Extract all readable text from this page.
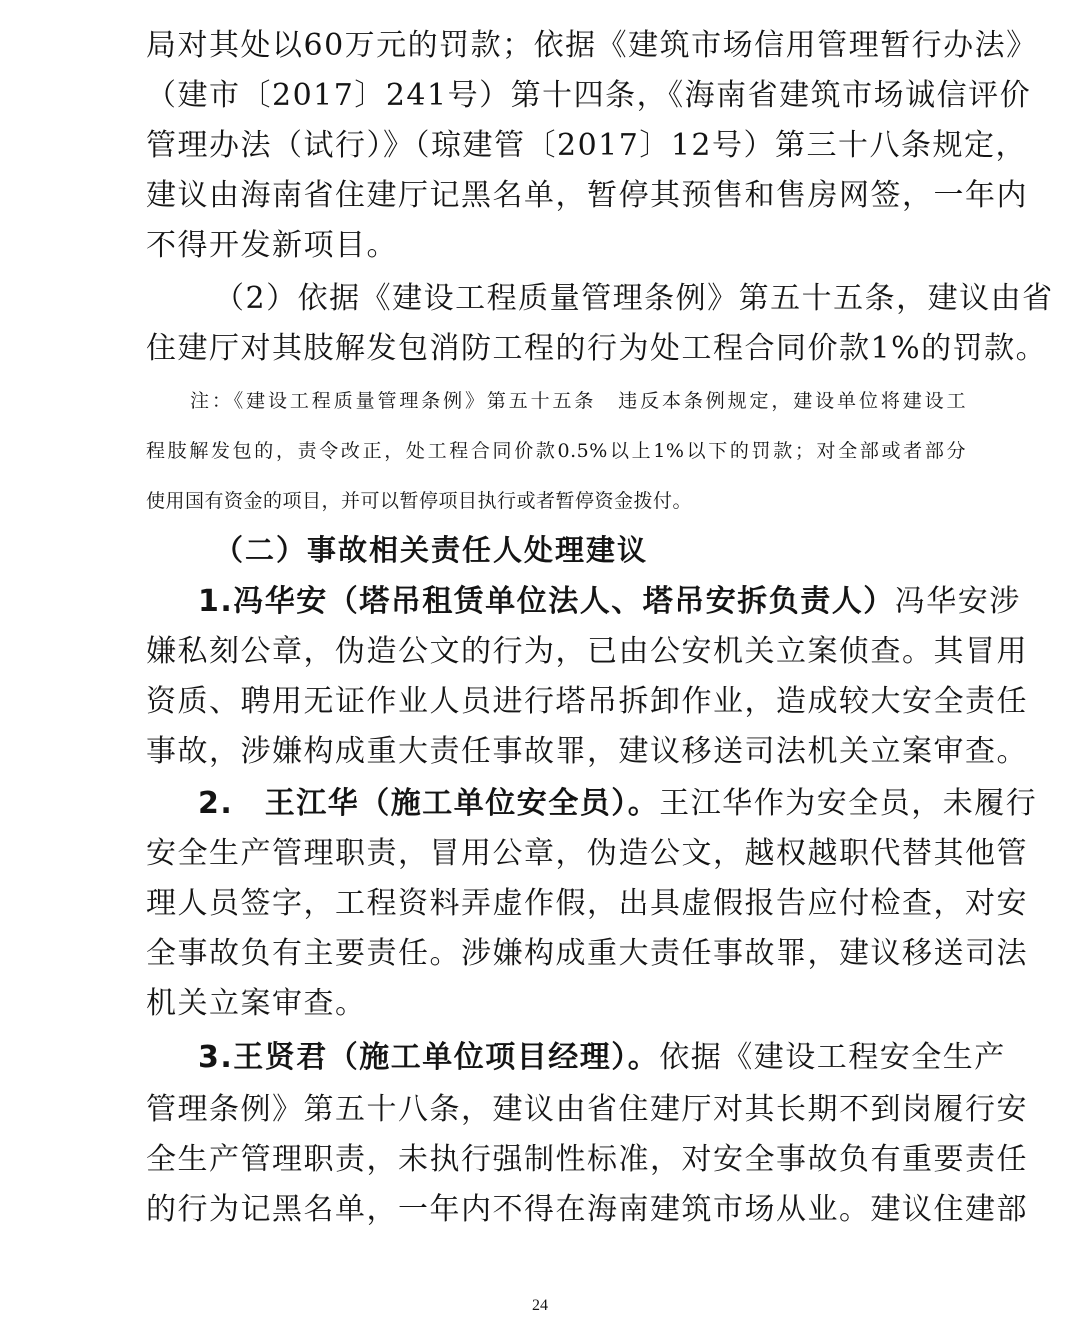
局对其处以60万元的罚款；依据《建筑市场信用管理暂行办法》
（建市〔2017〕241号）第十四条，《海南省建筑市场诚信评价
管理办法（试行）》（琼建管〔2017〕12号）第三十八条规定，
建议由海南省住建厅记黑名单，暂停其预售和售房网签，一年内
不得开发新项目。
（2）依据《建设工程质量管理条例》第五十五条，建议由省
住建厅对其肢解发包消防工程的行为处工程合同价款1%的罚款。
注：《建设工程质量管理条例》第五十五条　违反本条例规定，建设单位将建设工
程肢解发包的，责令改正，处工程合同价款0.5%以上1%以下的罚款；对全部或者部分
使用国有资金的项目，并可以暂停项目执行或者暂停资金拨付。
（二）事故相关责任人处理建议
1.冯华安（塔吊租赁单位法人、塔吊安拆负责人）冯华安涉
嫌私刻公章，伪造公文的行为，已由公安机关立案侦查。其冒用
资质、聘用无证作业人员进行塔吊拆卸作业，造成较大安全责任
事故，涉嫌构成重大责任事故罪，建议移送司法机关立案审查。
2.　王江华（施工单位安全员）。王江华作为安全员，未履行
安全生产管理职责，冒用公章，伪造公文，越权越职代替其他管
理人员签字，工程资料弄虚作假，出具虚假报告应付检查，对安
全事故负有主要责任。涉嫌构成重大责任事故罪，建议移送司法
机关立案审查。
3.王贤君（施工单位项目经理）。依据《建设工程安全生产
管理条例》第五十八条，建议由省住建厅对其长期不到岗履行安
全生产管理职责，未执行强制性标准，对安全事故负有重要责任
的行为记黑名单，一年内不得在海南建筑市场从业。建议住建部
24
